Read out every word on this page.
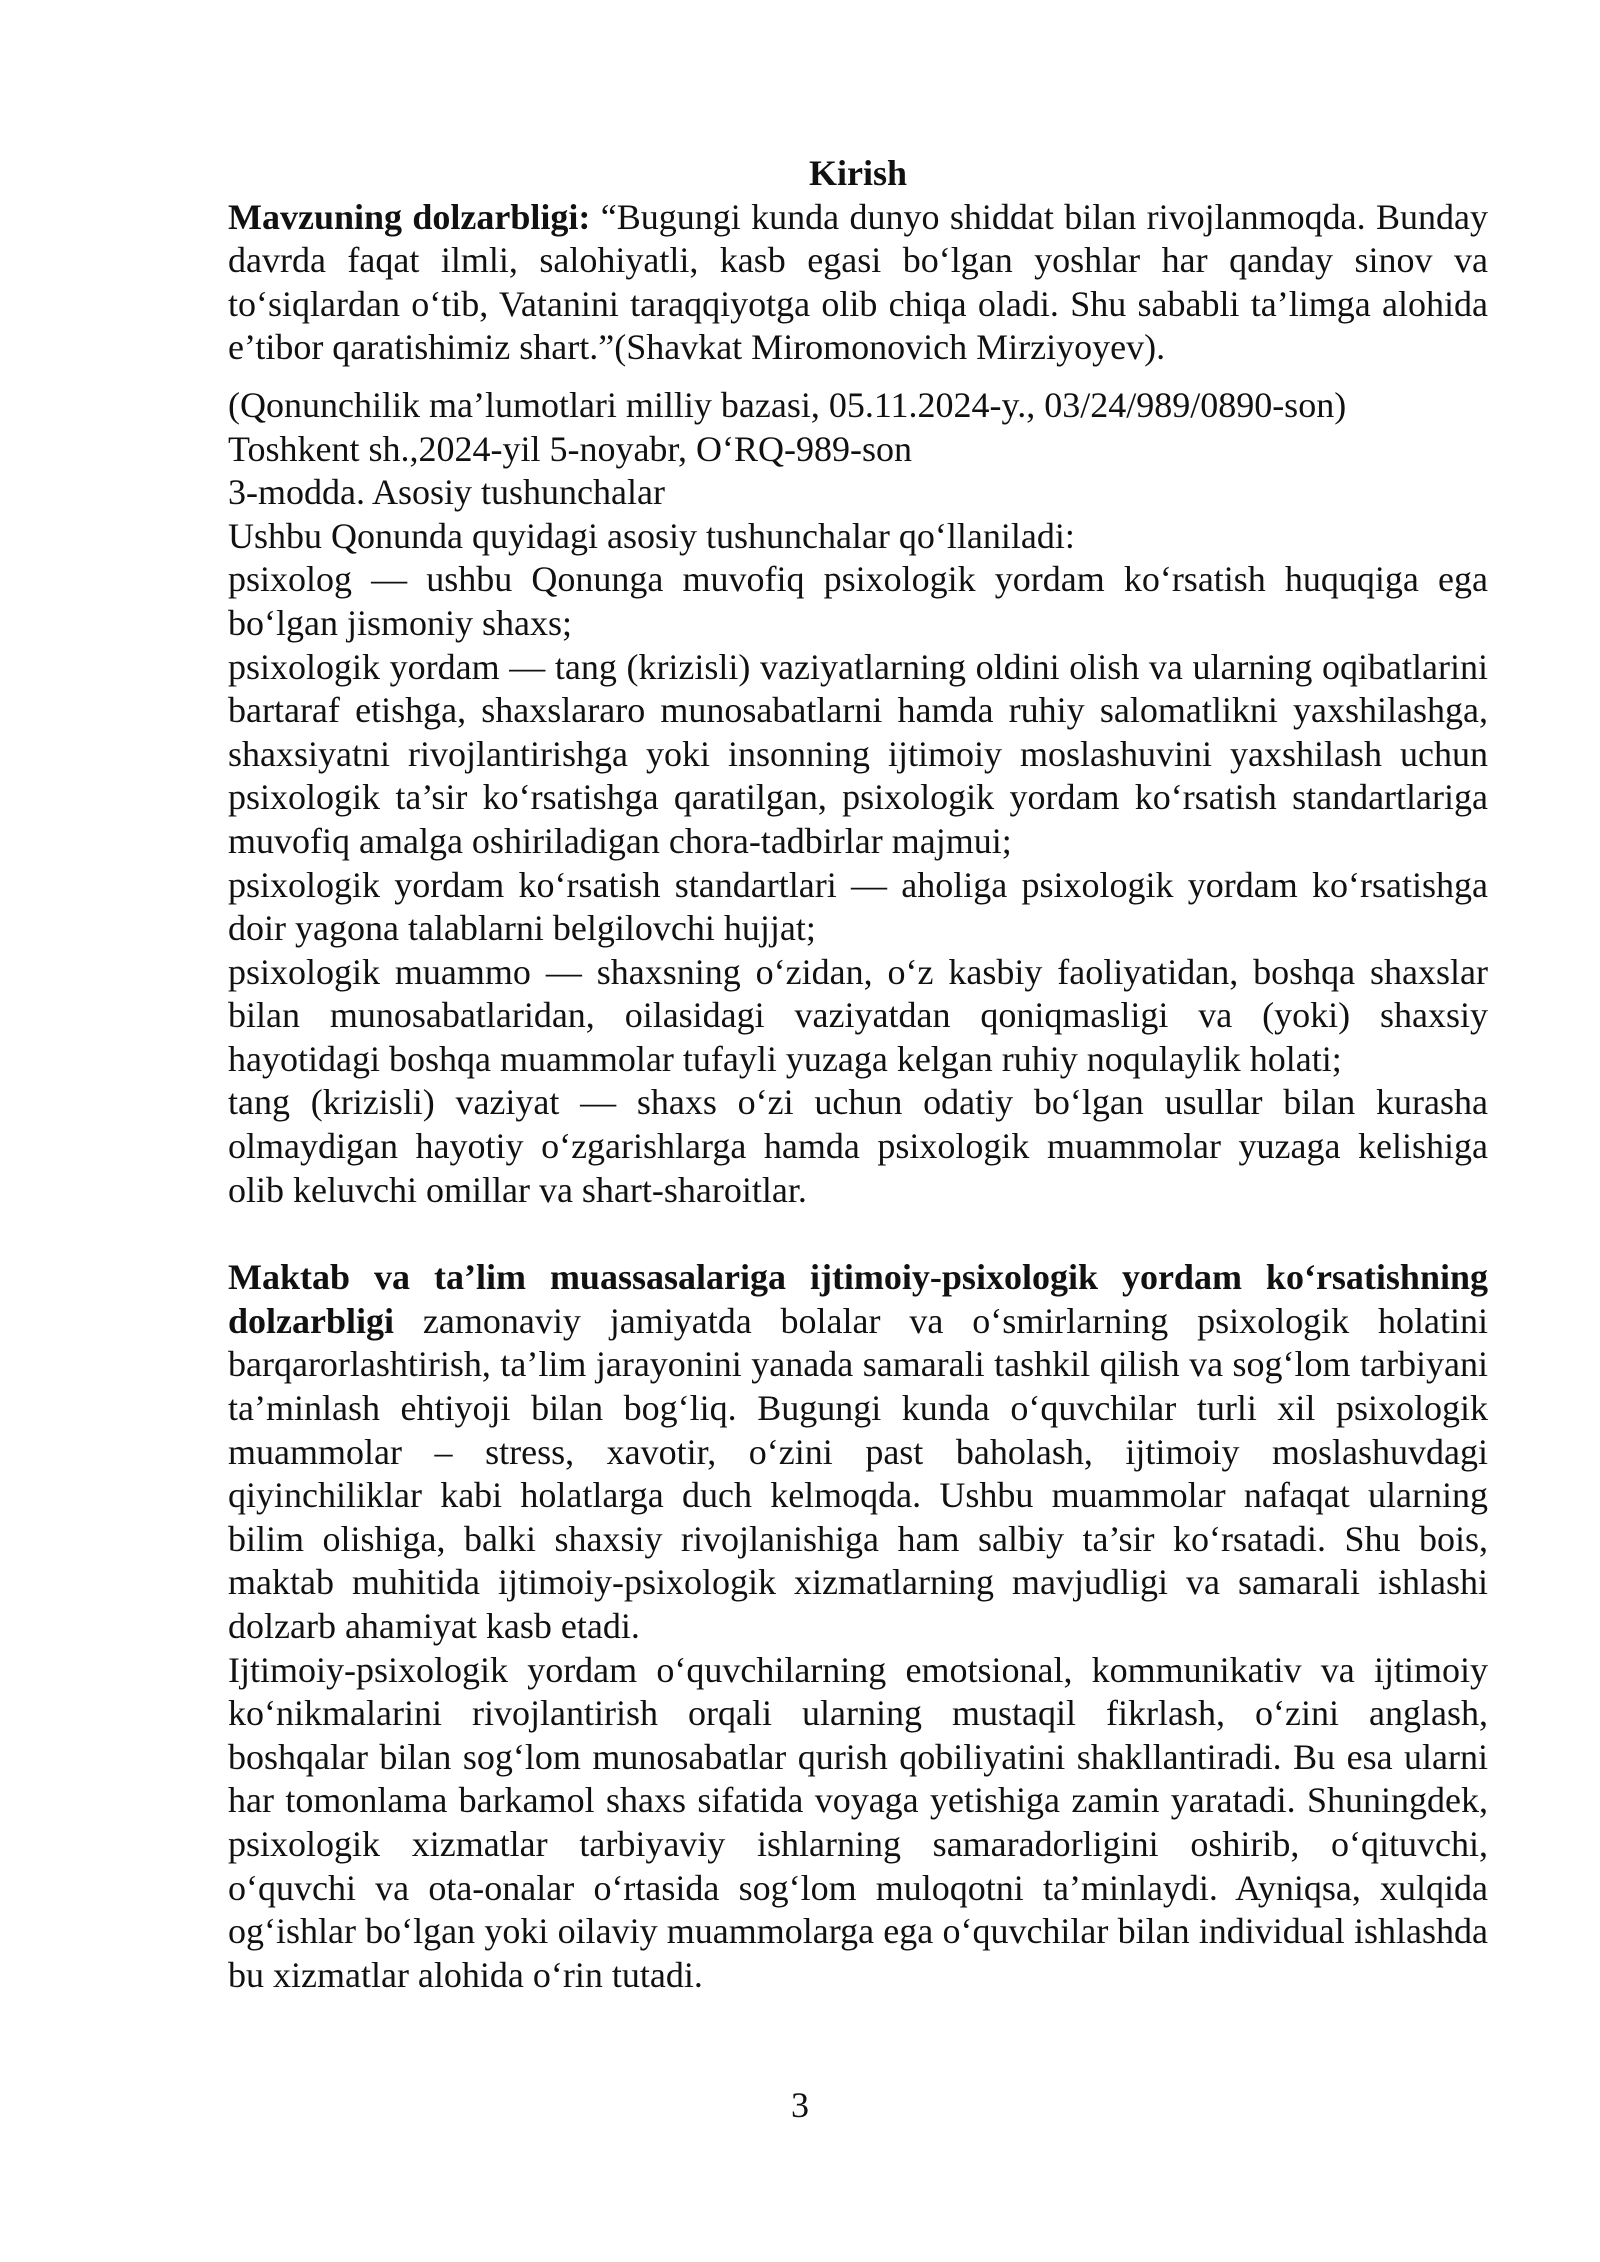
Kirish

Mavzuning dolzarbligi: “Bugungi kunda dunyo shiddat bilan rivojlanmoqda. Bunday davrda faqat ilmli, salohiyatli, kasb egasi bo‘lgan yoshlar har qanday sinov va to‘siqlardan o‘tib, Vatanini taraqqiyotga olib chiqa oladi. Shu sababli ta’limga alohida e’tibor qaratishimiz shart.”(Shavkat Miromonovich Mirziyoyev).

(Qonunchilik ma’lumotlari milliy bazasi, 05.11.2024-y., 03/24/989/0890-son)

Toshkent sh.,2024-yil 5-noyabr, O‘RQ-989-son

3-modda. Asosiy tushunchalar

Ushbu Qonunda quyidagi asosiy tushunchalar qo‘llaniladi:

psixolog — ushbu Qonunga muvofiq psixologik yordam ko‘rsatish huquqiga ega bo‘lgan jismoniy shaxs;

psixologik yordam — tang (krizisli) vaziyatlarning oldini olish va ularning oqibatlarini bartaraf etishga, shaxslararo munosabatlarni hamda ruhiy salomatlikni yaxshilashga, shaxsiyatni rivojlantirishga yoki insonning ijtimoiy moslashuvini yaxshilash uchun psixologik ta’sir ko‘rsatishga qaratilgan, psixologik yordam ko‘rsatish standartlariga muvofiq amalga oshiriladigan chora-tadbirlar majmui;

psixologik yordam ko‘rsatish standartlari — aholiga psixologik yordam ko‘rsatishga doir yagona talablarni belgilovchi hujjat;

psixologik muammo — shaxsning o‘zidan, o‘z kasbiy faoliyatidan, boshqa shaxslar bilan munosabatlaridan, oilasidagi vaziyatdan qoniqmasligi va (yoki) shaxsiy hayotidagi boshqa muammolar tufayli yuzaga kelgan ruhiy noqulaylik holati;

tang (krizisli) vaziyat — shaxs o‘zi uchun odatiy bo‘lgan usullar bilan kurasha olmaydigan hayotiy o‘zgarishlarga hamda psixologik muammolar yuzaga kelishiga olib keluvchi omillar va shart-sharoitlar.

Maktab va ta’lim muassasalariga ijtimoiy-psixologik yordam ko‘rsatishning dolzarbligi zamonaviy jamiyatda bolalar va o‘smirlarning psixologik holatini barqarorlashtirish, ta’lim jarayonini yanada samarali tashkil qilish va sog‘lom tarbiyani ta’minlash ehtiyoji bilan bog‘liq. Bugungi kunda o‘quvchilar turli xil psixologik muammolar – stress, xavotir, o‘zini past baholash, ijtimoiy moslashuvdagi qiyinchiliklar kabi holatlarga duch kelmoqda. Ushbu muammolar nafaqat ularning bilim olishiga, balki shaxsiy rivojlanishiga ham salbiy ta’sir ko‘rsatadi. Shu bois, maktab muhitida ijtimoiy-psixologik xizmatlarning mavjudligi va samarali ishlashi dolzarb ahamiyat kasb etadi.

Ijtimoiy-psixologik yordam o‘quvchilarning emotsional, kommunikativ va ijtimoiy ko‘nikmalarini rivojlantirish orqali ularning mustaqil fikrlash, o‘zini anglash, boshqalar bilan sog‘lom munosabatlar qurish qobiliyatini shakllantiradi. Bu esa ularni har tomonlama barkamol shaxs sifatida voyaga yetishiga zamin yaratadi. Shuningdek, psixologik xizmatlar tarbiyaviy ishlarning samaradorligini oshirib, o‘qituvchi, o‘quvchi va ota-onalar o‘rtasida sog‘lom muloqotni ta’minlaydi. Ayniqsa, xulqida og‘ishlar bo‘lgan yoki oilaviy muammolarga ega o‘quvchilar bilan individual ishlashda bu xizmatlar alohida o‘rin tutadi.

3
